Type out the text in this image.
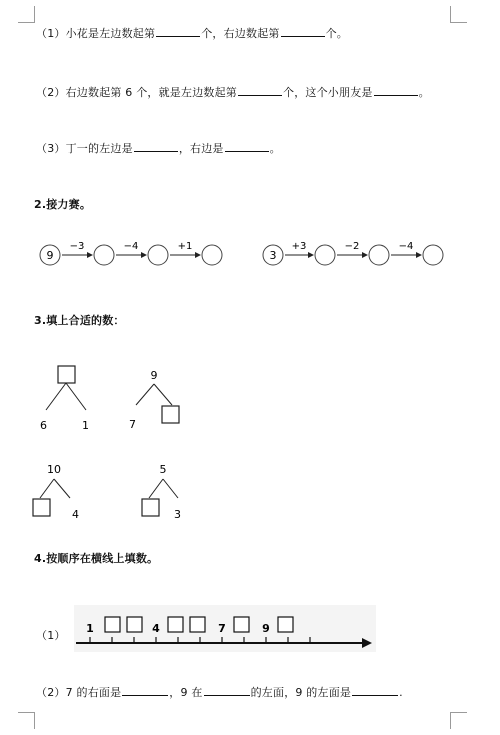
（1）小花是左边数起第	个，右边数起第	个。
（2）右边数起第 6 个，就是左边数起第	个，这个小朋友是	。
（3）丁一的左边是	，右边是	。
2.接力赛。
9
−3	−4	+1
3
+3	−2	−4
3.填上合适的数：
6	1
9
7
10
4
5
3
4.按顺序在横线上填数。
（1）
1	4	7	9
（2）7 的右面是	，9 在	的左面，9 的左面是	.
